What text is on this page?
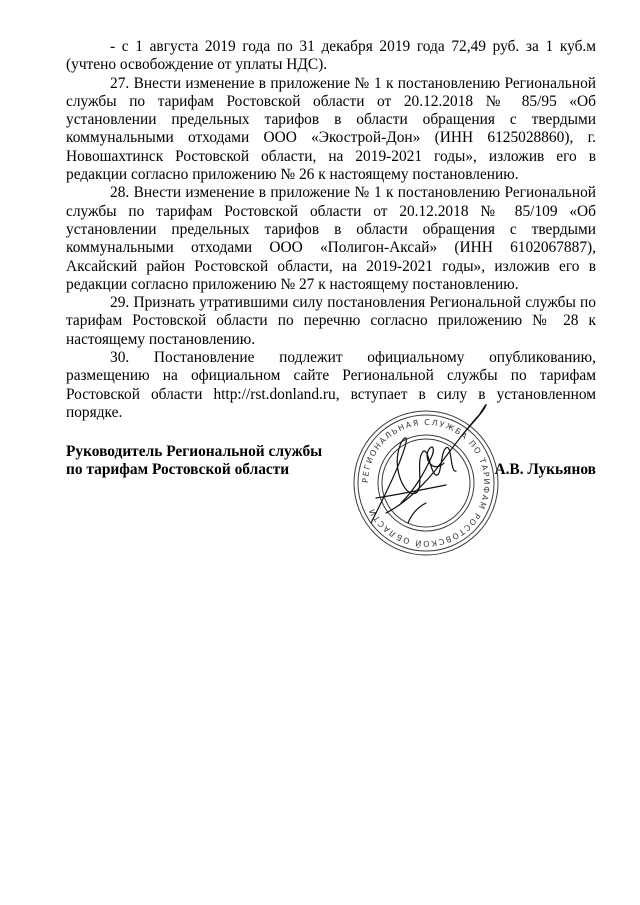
- с 1 августа 2019 года по 31 декабря 2019 года 72,49 руб. за 1 куб.м (учтено освобождение от уплаты НДС).

27. Внести изменение в приложение № 1 к постановлению Региональной службы по тарифам Ростовской области от 20.12.2018 № 85/95 «Об установлении предельных тарифов в области обращения с твердыми коммунальными отходами ООО «Экострой-Дон» (ИНН 6125028860), г. Новошахтинск Ростовской области, на 2019-2021 годы», изложив его в редакции согласно приложению № 26 к настоящему постановлению.

28. Внести изменение в приложение № 1 к постановлению Региональной службы по тарифам Ростовской области от 20.12.2018 № 85/109 «Об установлении предельных тарифов в области обращения с твердыми коммунальными отходами ООО «Полигон-Аксай» (ИНН 6102067887), Аксайский район Ростовской области, на 2019-2021 годы», изложив его в редакции согласно приложению № 27 к настоящему постановлению.

29. Признать утратившими силу постановления Региональной службы по тарифам Ростовской области по перечню согласно приложению № 28 к настоящему постановлению.

30. Постановление подлежит официальному опубликованию, размещению на официальном сайте Региональной службы по тарифам Ростовской области http://rst.donland.ru, вступает в силу в установленном порядке.

Руководитель Региональной службы
по тарифам Ростовской области
РЕГИОНАЛЬНАЯ СЛУЖБА ПО ТАРИФАМ РОСТОВСКОЙ ОБЛАСТИ
А.В. Лукьянов
